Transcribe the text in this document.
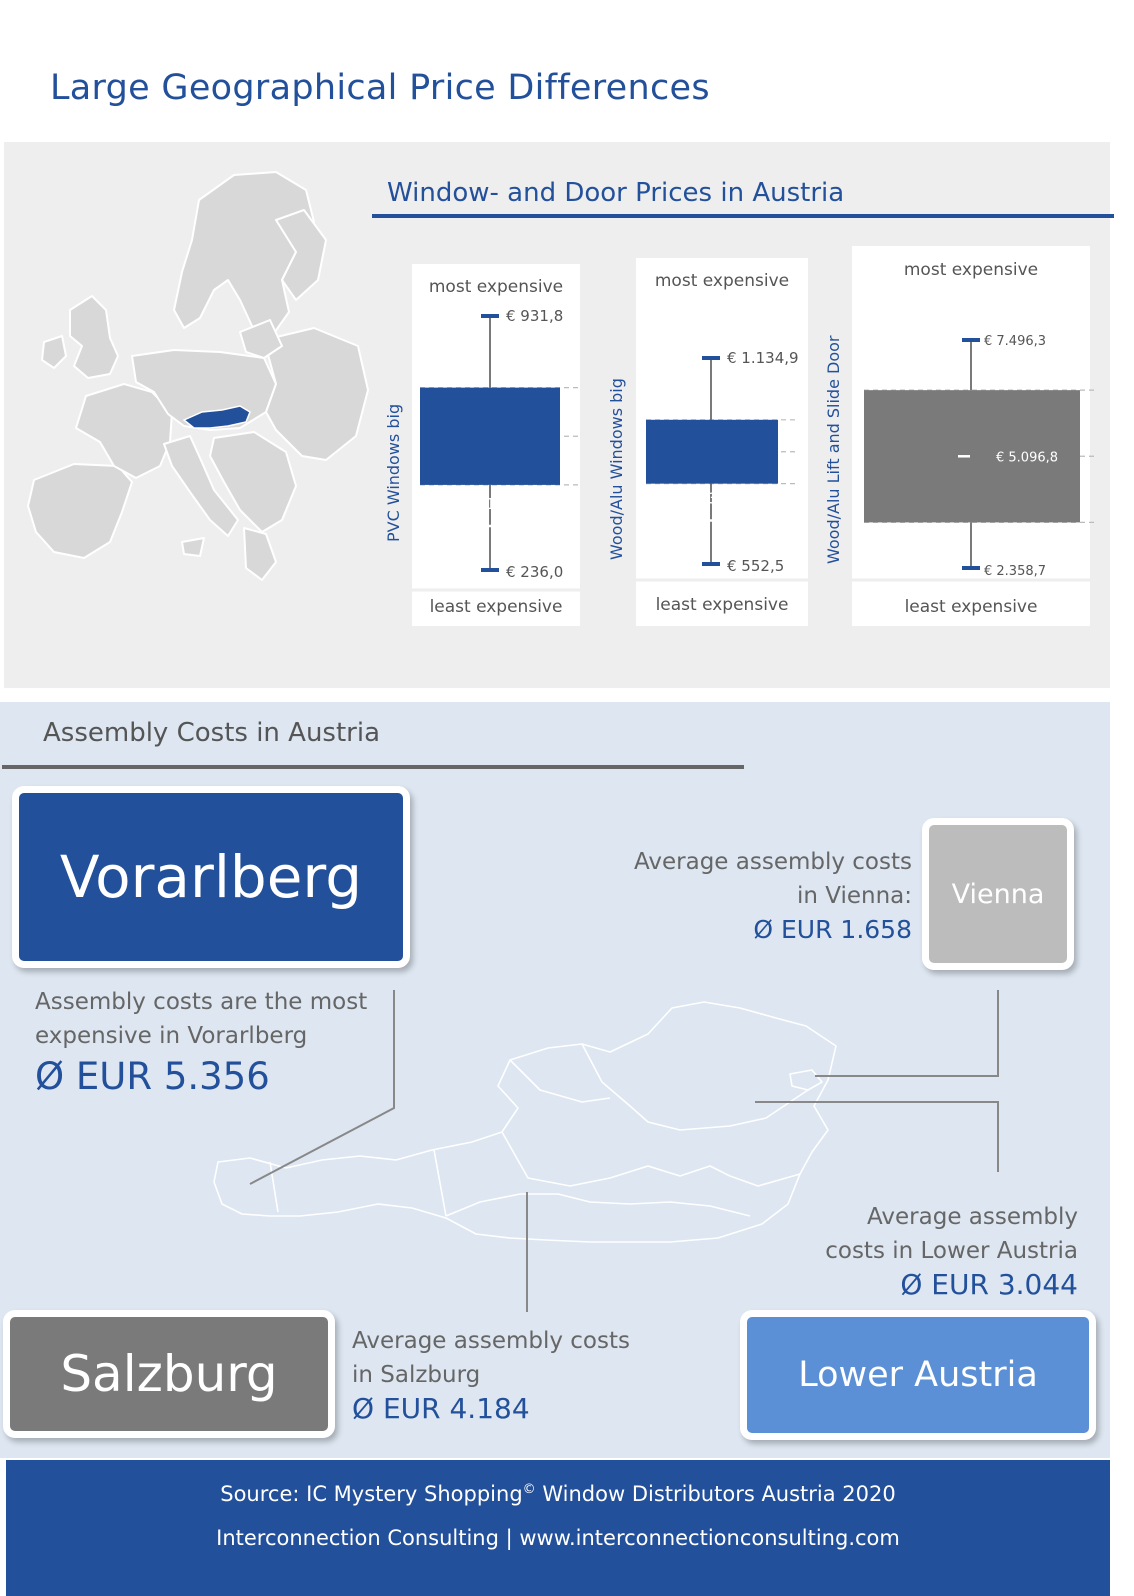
Large Geographical Price Differences
Window- and Door Prices in Austria
€ 931,8
€ 236,0
€ 416,8
most expensive
least expensive
€ 1.134,9
€ 552,5
€ 737,7
most expensive
least expensive
€ 7.496,3
€ 2.358,7
€ 5.096,8
most expensive
least expensive
PVC Windows big	Wood/Alu Windows big	Wood/Alu Lift and Slide Door
Assembly Costs in Austria
Vorarlberg
Assembly costs are the most
expensive in Vorarlberg
Ø EUR 5.356
Average assembly costs
in Vienna:
Ø EUR 1.658
Vienna
Average assembly
costs in Lower Austria
Ø EUR 3.044
Lower Austria
Salzburg
Average assembly costs
in Salzburg
Ø EUR 4.184
Source: IC Mystery Shopping© Window Distributors Austria 2020
Interconnection Consulting | www.interconnectionconsulting.com
